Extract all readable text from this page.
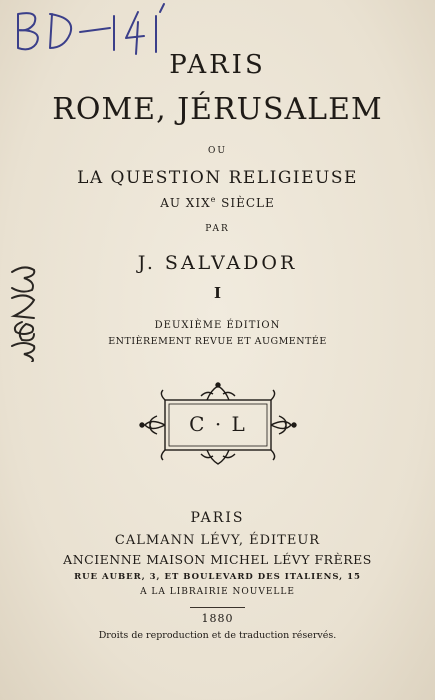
PARIS
ROME, JÉRUSALEM
OU
LA QUESTION RELIGIEUSE
AU XIXe SIÈCLE
PAR
J. SALVADOR
I
DEUXIÈME ÉDITION
ENTIÈREMENT REVUE ET AUGMENTÉE
C · L
PARIS
CALMANN LÉVY, ÉDITEUR
ANCIENNE MAISON MICHEL LÉVY FRÈRES
RUE AUBER, 3, ET BOULEVARD DES ITALIENS, 15
A LA LIBRAIRIE NOUVELLE
1880
Droits de reproduction et de traduction réservés.
